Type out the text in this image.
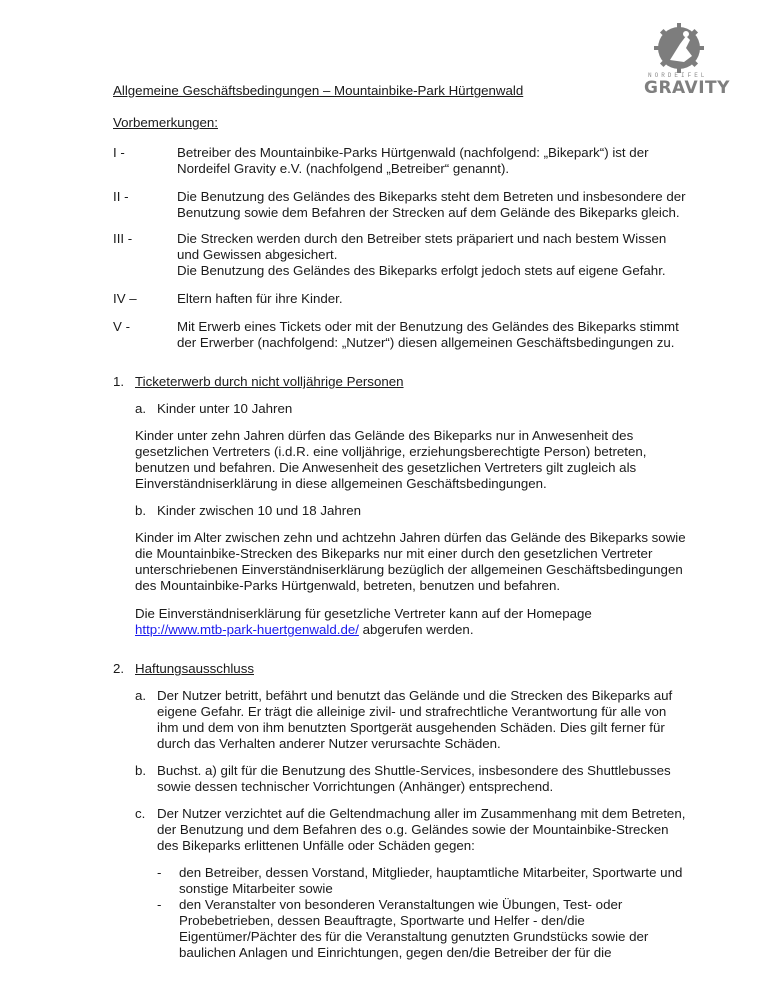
NORDEIFEL
GRAVITY
Allgemeine Geschäftsbedingungen – Mountainbike-Park Hürtgenwald
Vorbemerkungen:
I -	Betreiber des Mountainbike-Parks Hürtgenwald (nachfolgend: „Bikepark“) ist der
Nordeifel Gravity e.V. (nachfolgend „Betreiber“ genannt).
II -	Die Benutzung des Geländes des Bikeparks steht dem Betreten und insbesondere der
Benutzung sowie dem Befahren der Strecken auf dem Gelände des Bikeparks gleich.
III -	Die Strecken werden durch den Betreiber stets präpariert und nach bestem Wissen
und Gewissen abgesichert.
Die Benutzung des Geländes des Bikeparks erfolgt jedoch stets auf eigene Gefahr.
IV –	Eltern haften für ihre Kinder.
V -	Mit Erwerb eines Tickets oder mit der Benutzung des Geländes des Bikeparks stimmt
der Erwerber (nachfolgend: „Nutzer“) diesen allgemeinen Geschäftsbedingungen zu.
1. Ticketerwerb durch nicht volljährige Personen
a. Kinder unter 10 Jahren
Kinder unter zehn Jahren dürfen das Gelände des Bikeparks nur in Anwesenheit des
gesetzlichen Vertreters (i.d.R. eine volljährige, erziehungsberechtigte Person) betreten,
benutzen und befahren. Die Anwesenheit des gesetzlichen Vertreters gilt zugleich als
Einverständniserklärung in diese allgemeinen Geschäftsbedingungen.
b. Kinder zwischen 10 und 18 Jahren
Kinder im Alter zwischen zehn und achtzehn Jahren dürfen das Gelände des Bikeparks sowie
die Mountainbike-Strecken des Bikeparks nur mit einer durch den gesetzlichen Vertreter
unterschriebenen Einverständniserklärung bezüglich der allgemeinen Geschäftsbedingungen
des Mountainbike-Parks Hürtgenwald, betreten, benutzen und befahren.
Die Einverständniserklärung für gesetzliche Vertreter kann auf der Homepage
http://www.mtb-park-huertgenwald.de/ abgerufen werden.
2. Haftungsausschluss
a. Der Nutzer betritt, befährt und benutzt das Gelände und die Strecken des Bikeparks auf
eigene Gefahr. Er trägt die alleinige zivil- und strafrechtliche Verantwortung für alle von
ihm und dem von ihm benutzten Sportgerät ausgehenden Schäden. Dies gilt ferner für
durch das Verhalten anderer Nutzer verursachte Schäden.
b. Buchst. a) gilt für die Benutzung des Shuttle-Services, insbesondere des Shuttlebusses
sowie dessen technischer Vorrichtungen (Anhänger) entsprechend.
c. Der Nutzer verzichtet auf die Geltendmachung aller im Zusammenhang mit dem Betreten,
der Benutzung und dem Befahren des o.g. Geländes sowie der Mountainbike-Strecken
des Bikeparks erlittenen Unfälle oder Schäden gegen:
- den Betreiber, dessen Vorstand, Mitglieder, hauptamtliche Mitarbeiter, Sportwarte und
sonstige Mitarbeiter sowie
- den Veranstalter von besonderen Veranstaltungen wie Übungen, Test- oder
Probebetrieben, dessen Beauftragte, Sportwarte und Helfer - den/die
Eigentümer/Pächter des für die Veranstaltung genutzten Grundstücks sowie der
baulichen Anlagen und Einrichtungen, gegen den/die Betreiber der für die
